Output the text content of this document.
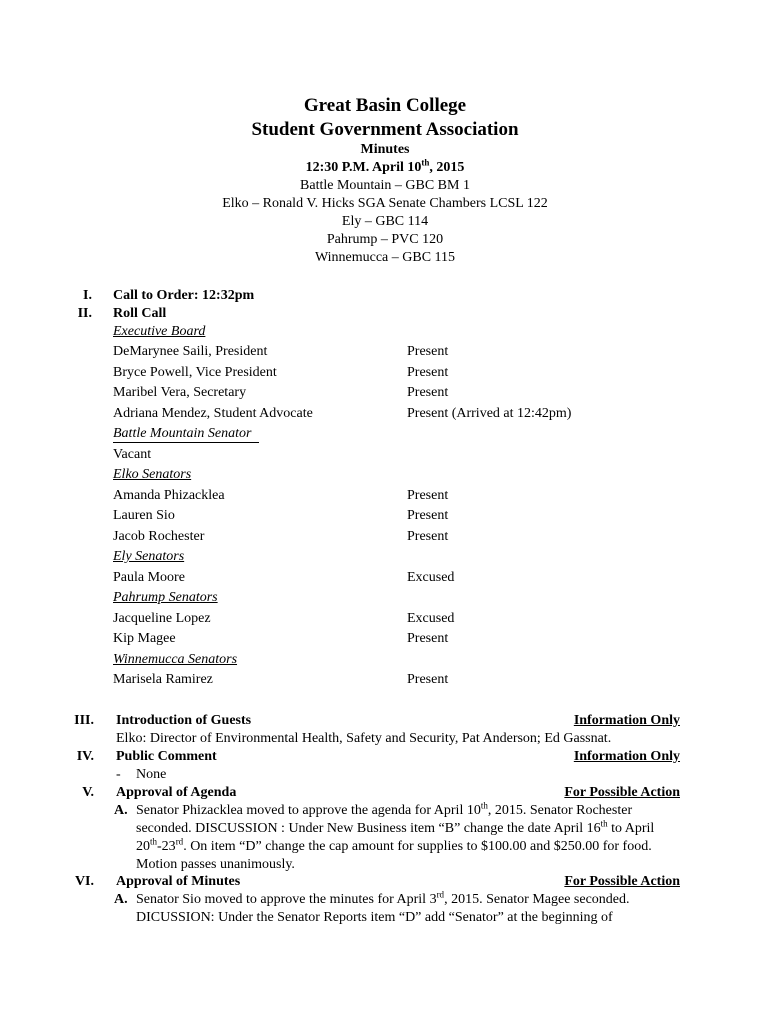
Great Basin College
Student Government Association
Minutes
12:30 P.M. April 10th, 2015
Battle Mountain – GBC BM 1
Elko – Ronald V. Hicks SGA Senate Chambers LCSL 122
Ely – GBC 114
Pahrump – PVC 120
Winnemucca – GBC 115
I. Call to Order: 12:32pm
II. Roll Call
Executive Board
DeMarynee Saili, President	Present
Bryce Powell, Vice President	Present
Maribel Vera, Secretary	Present
Adriana Mendez, Student Advocate	Present (Arrived at 12:42pm)
Battle Mountain Senator
Vacant
Elko Senators
Amanda Phizacklea	Present
Lauren Sio	Present
Jacob Rochester	Present
Ely Senators
Paula Moore	Excused
Pahrump Senators
Jacqueline Lopez	Excused
Kip Magee	Present
Winnemucca Senators
Marisela Ramirez	Present
III. Introduction of Guests	Information Only
Elko: Director of Environmental Health, Safety and Security, Pat Anderson; Ed Gassnat.
IV. Public Comment	Information Only
- None
V. Approval of Agenda	For Possible Action
A. Senator Phizacklea moved to approve the agenda for April 10th, 2015. Senator Rochester seconded. DISCUSSION : Under New Business item “B” change the date April 16th to April 20th-23rd. On item “D” change the cap amount for supplies to $100.00 and $250.00 for food. Motion passes unanimously.
VI. Approval of Minutes	For Possible Action
A. Senator Sio moved to approve the minutes for April 3rd, 2015. Senator Magee seconded. DICUSSION: Under the Senator Reports item “D” add “Senator” at the beginning of
